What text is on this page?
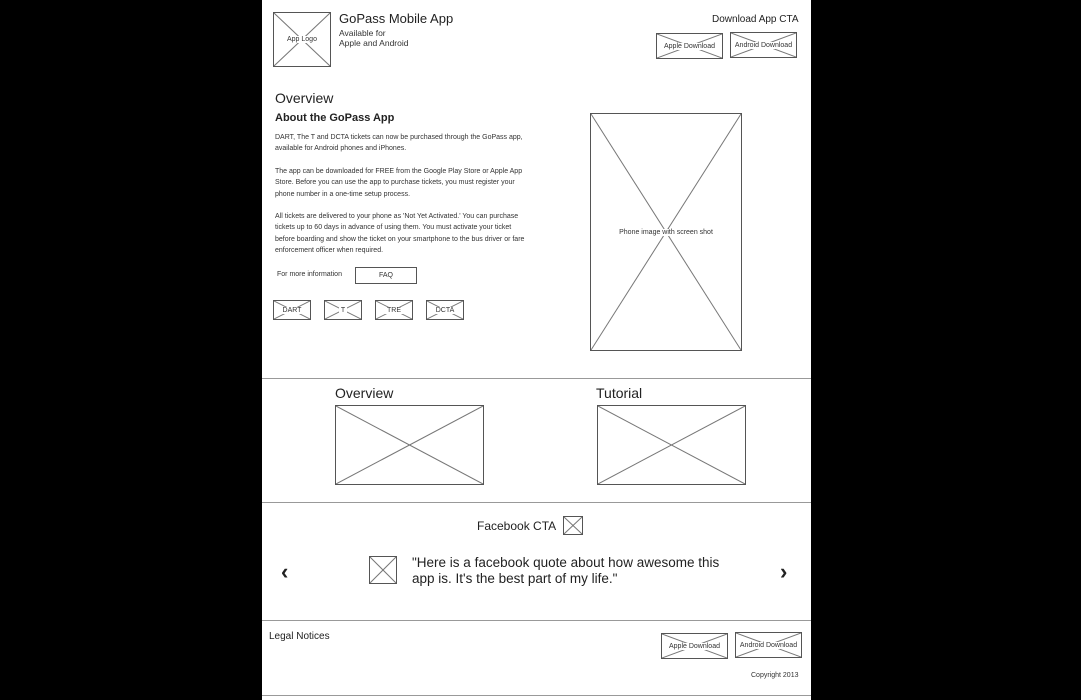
App Logo
GoPass Mobile App
Available for
Apple and Android
Download App CTA
Apple Download	Android Download
Overview
About the GoPass App

DART, The T and DCTA tickets can now be purchased through the GoPass app, available for Android phones and iPhones.

The app can be downloaded for FREE from the Google Play Store or Apple App Store. Before you can use the app to purchase tickets, you must register your phone number in a one-time setup process.

All tickets are delivered to your phone as 'Not Yet Activated.' You can purchase tickets up to 60 days in advance of using them. You must activate your ticket before boarding and show the ticket on your smartphone to the bus driver or fare enforcement officer when required.

For more information	FAQ
DART	T	TRE	DCTA
Phone image with screen shot
Overview	Tutorial
Facebook CTA
‹	"Here is a facebook quote about how awesome this
app is. It's the best part of my life."	›
Legal Notices
Apple Download	Android Download
Copyright 2013
